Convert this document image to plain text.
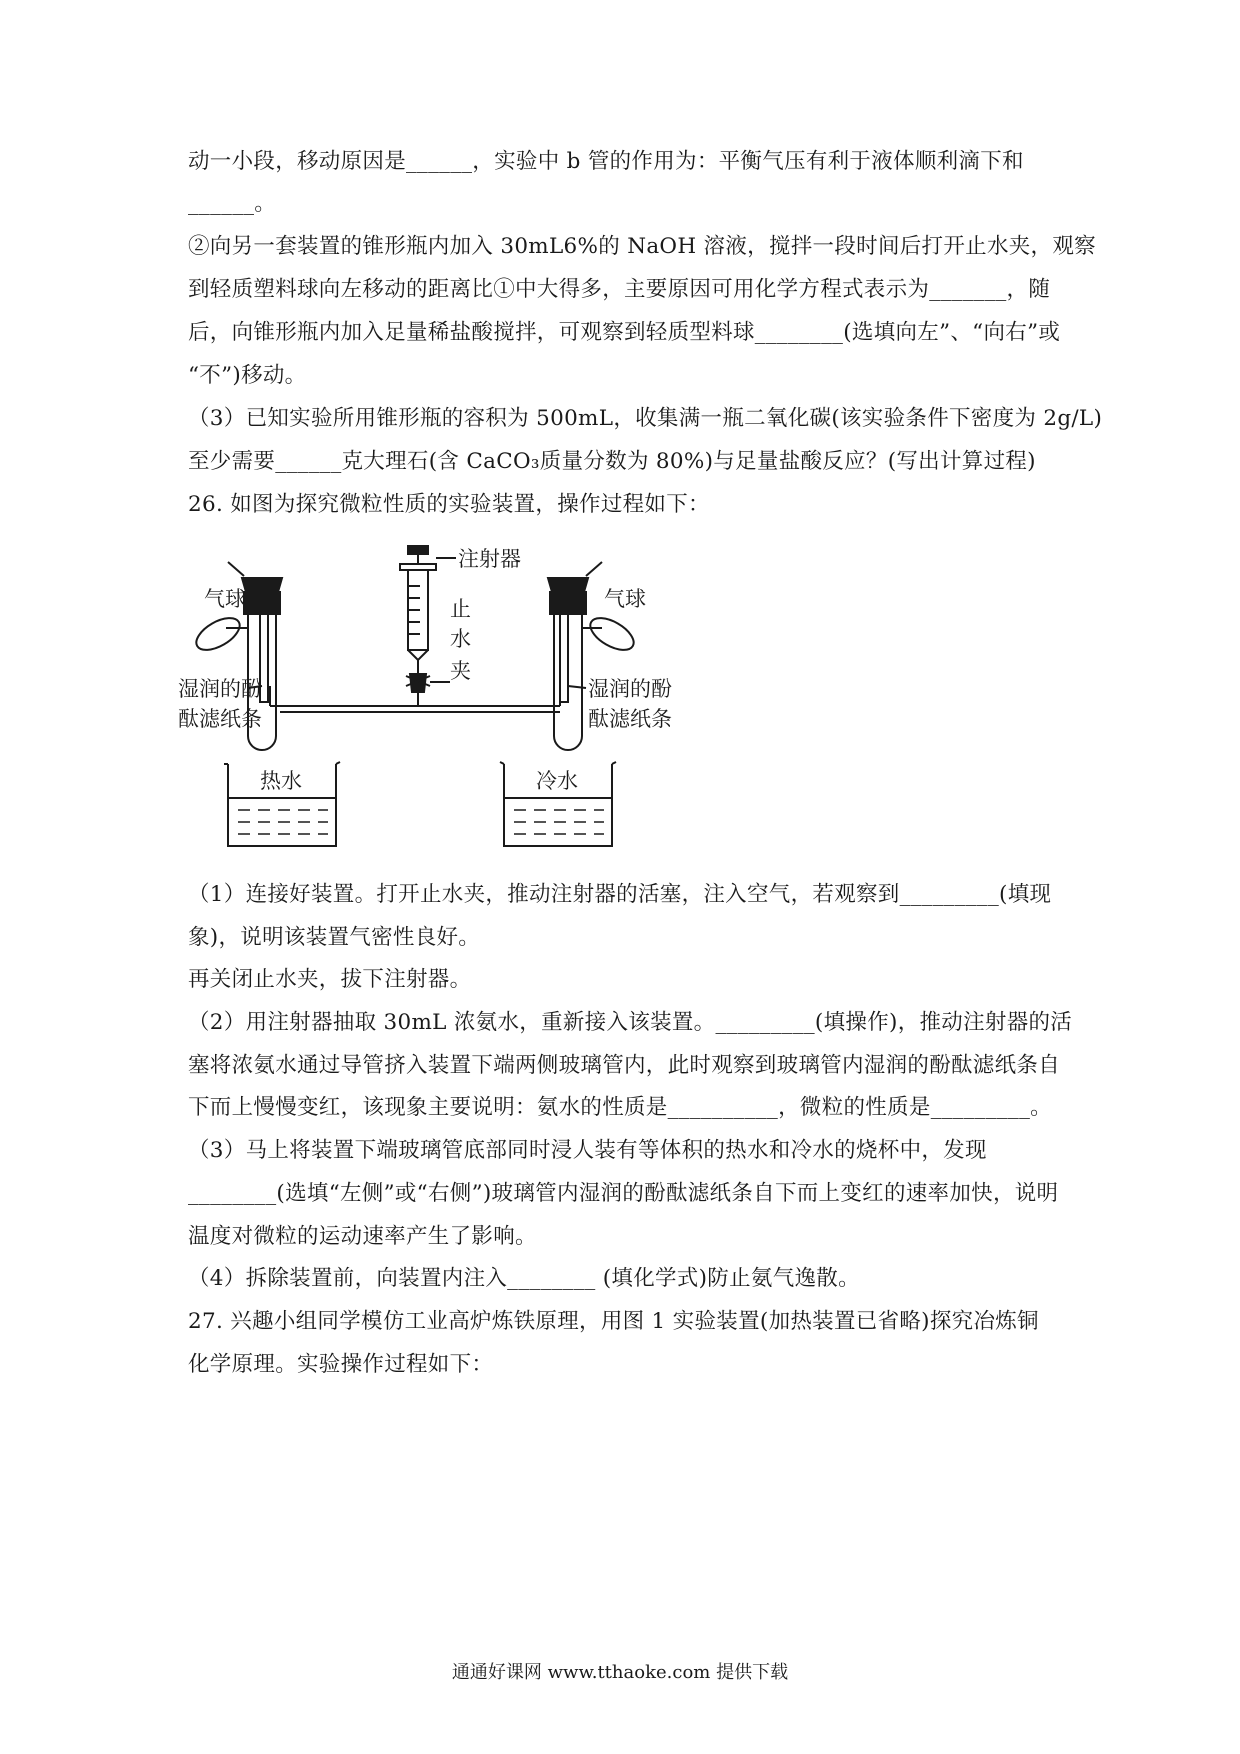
动一小段，移动原因是______，实验中 b 管的作用为：平衡气压有利于液体顺利滴下和
______。
②向另一套装置的锥形瓶内加入 30mL6%的 NaOH 溶液，搅拌一段时间后打开止水夹，观察
到轻质塑料球向左移动的距离比①中大得多，主要原因可用化学方程式表示为_______，随
后，向锥形瓶内加入足量稀盐酸搅拌，可观察到轻质型料球________(选填向左”、“向右”或
“不”)移动。
（3）已知实验所用锥形瓶的容积为 500mL，收集满一瓶二氧化碳(该实验条件下密度为 2g/L)
至少需要______克大理石(含 CaCO₃质量分数为 80%)与足量盐酸反应？(写出计算过程)
26. 如图为探究微粒性质的实验装置，操作过程如下：
注射器
气球	气球
止
水
夹
湿润的酚
酞滤纸条
湿润的酚
酞滤纸条
热水	冷水
（1）连接好装置。打开止水夹，推动注射器的活塞，注入空气，若观察到_________(填现
象)，说明该装置气密性良好。
再关闭止水夹，拔下注射器。
（2）用注射器抽取 30mL 浓氨水，重新接入该装置。_________(填操作)，推动注射器的活
塞将浓氨水通过导管挤入装置下端两侧玻璃管内，此时观察到玻璃管内湿润的酚酞滤纸条自
下而上慢慢变红，该现象主要说明：氨水的性质是__________，微粒的性质是_________。
（3）马上将装置下端玻璃管底部同时浸人装有等体积的热水和冷水的烧杯中，发现
________(选填“左侧”或“右侧”)玻璃管内湿润的酚酞滤纸条自下而上变红的速率加快，说明
温度对微粒的运动速率产生了影响。
（4）拆除装置前，向装置内注入________ (填化学式)防止氨气逸散。
27. 兴趣小组同学模仿工业高炉炼铁原理，用图 1 实验装置(加热装置已省略)探究冶炼铜
化学原理。实验操作过程如下：
通通好课网 www.tthaoke.com 提供下载
